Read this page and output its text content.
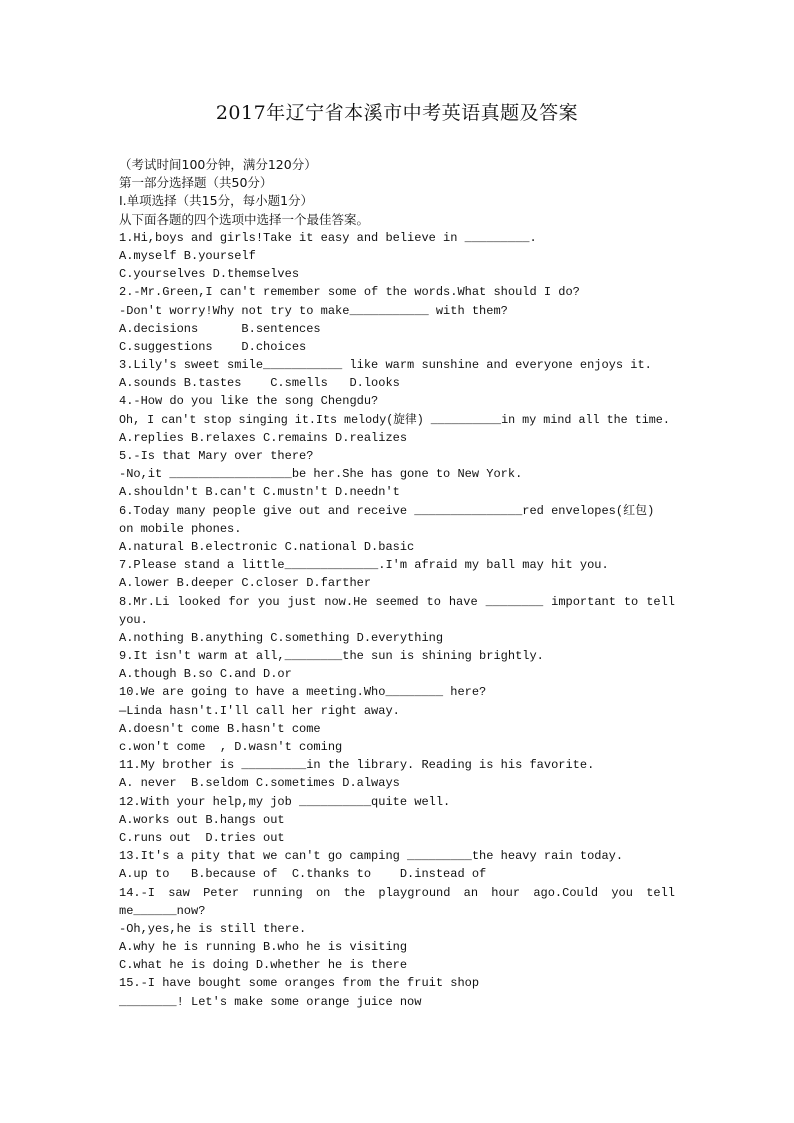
2017年辽宁省本溪市中考英语真题及答案
（考试时间100分钟，满分120分）
第一部分选择题（共50分）
I.单项选择（共15分，每小题1分）
从下面各题的四个选项中选择一个最佳答案。
1.Hi,boys and girls!Take it easy and believe in _________.
A.myself B.yourself
C.yourselves D.themselves
2.-Mr.Green,I can't remember some of the words.What should I do?
-Don't worry!Why not try to make___________ with them?
A.decisions      B.sentences
C.suggestions    D.choices
3.Lily's sweet smile___________ like warm sunshine and everyone enjoys it.
A.sounds B.tastes    C.smells   D.looks
4.-How do you like the song Chengdu?
Oh, I can't stop singing it.Its melody(旋律) __________in my mind all the time.
A.replies B.relaxes C.remains D.realizes
5.-Is that Mary over there?
-No,it _________________be her.She has gone to New York.
A.shouldn't B.can't C.mustn't D.needn't
6.Today many people give out and receive _______________red envelopes(红包)
on mobile phones.
A.natural B.electronic C.national D.basic
7.Please stand a little_____________.I'm afraid my ball may hit you.
A.lower B.deeper C.closer D.farther
8.Mr.Li looked for you just now.He seemed to have ________ important to tell
you.
A.nothing B.anything C.something D.everything
9.It isn't warm at all,________the sun is shining brightly.
A.though B.so C.and D.or
10.We are going to have a meeting.Who________ here?
—Linda hasn't.I'll call her right away.
A.doesn't come B.hasn't come
c.won't come  , D.wasn't coming
11.My brother is _________in the library. Reading is his favorite.
A. never  B.seldom C.sometimes D.always
12.With your help,my job __________quite well.
A.works out B.hangs out
C.runs out  D.tries out
13.It's a pity that we can't go camping _________the heavy rain today.
A.up to   B.because of  C.thanks to    D.instead of
14.-I saw Peter running on the playground an hour ago.Could you tell
me______now?
-Oh,yes,he is still there.
A.why he is running B.who he is visiting
C.what he is doing D.whether he is there
15.-I have bought some oranges from the fruit shop
________! Let's make some orange juice now
